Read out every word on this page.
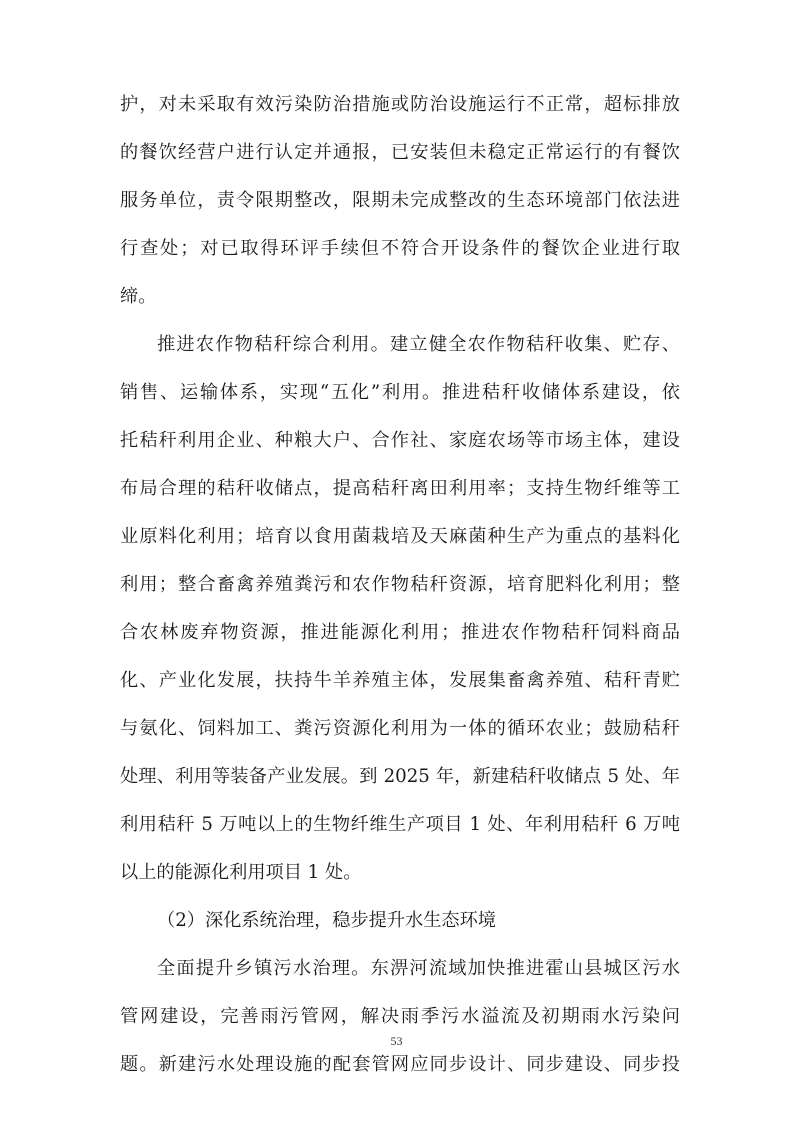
护，对未采取有效污染防治措施或防治设施运行不正常，超标排放
的餐饮经营户进行认定并通报，已安装但未稳定正常运行的有餐饮
服务单位，责令限期整改，限期未完成整改的生态环境部门依法进
行查处；对已取得环评手续但不符合开设条件的餐饮企业进行取
缔。
推进农作物秸秆综合利用。建立健全农作物秸秆收集、贮存、
销售、运输体系，实现“五化”利用。推进秸秆收储体系建设，依
托秸秆利用企业、种粮大户、合作社、家庭农场等市场主体，建设
布局合理的秸秆收储点，提高秸秆离田利用率；支持生物纤维等工
业原料化利用；培育以食用菌栽培及天麻菌种生产为重点的基料化
利用；整合畜禽养殖粪污和农作物秸秆资源，培育肥料化利用；整
合农林废弃物资源，推进能源化利用；推进农作物秸秆饲料商品
化、产业化发展，扶持牛羊养殖主体，发展集畜禽养殖、秸秆青贮
与氨化、饲料加工、粪污资源化利用为一体的循环农业；鼓励秸秆
处理、利用等装备产业发展。到 2025 年，新建秸秆收储点 5 处、年
利用秸秆 5 万吨以上的生物纤维生产项目 1 处、年利用秸秆 6 万吨
以上的能源化利用项目 1 处。
（2）深化系统治理，稳步提升水生态环境
全面提升乡镇污水治理。东淠河流域加快推进霍山县城区污水
管网建设，完善雨污管网，解决雨季污水溢流及初期雨水污染问
题。新建污水处理设施的配套管网应同步设计、同步建设、同步投
53
